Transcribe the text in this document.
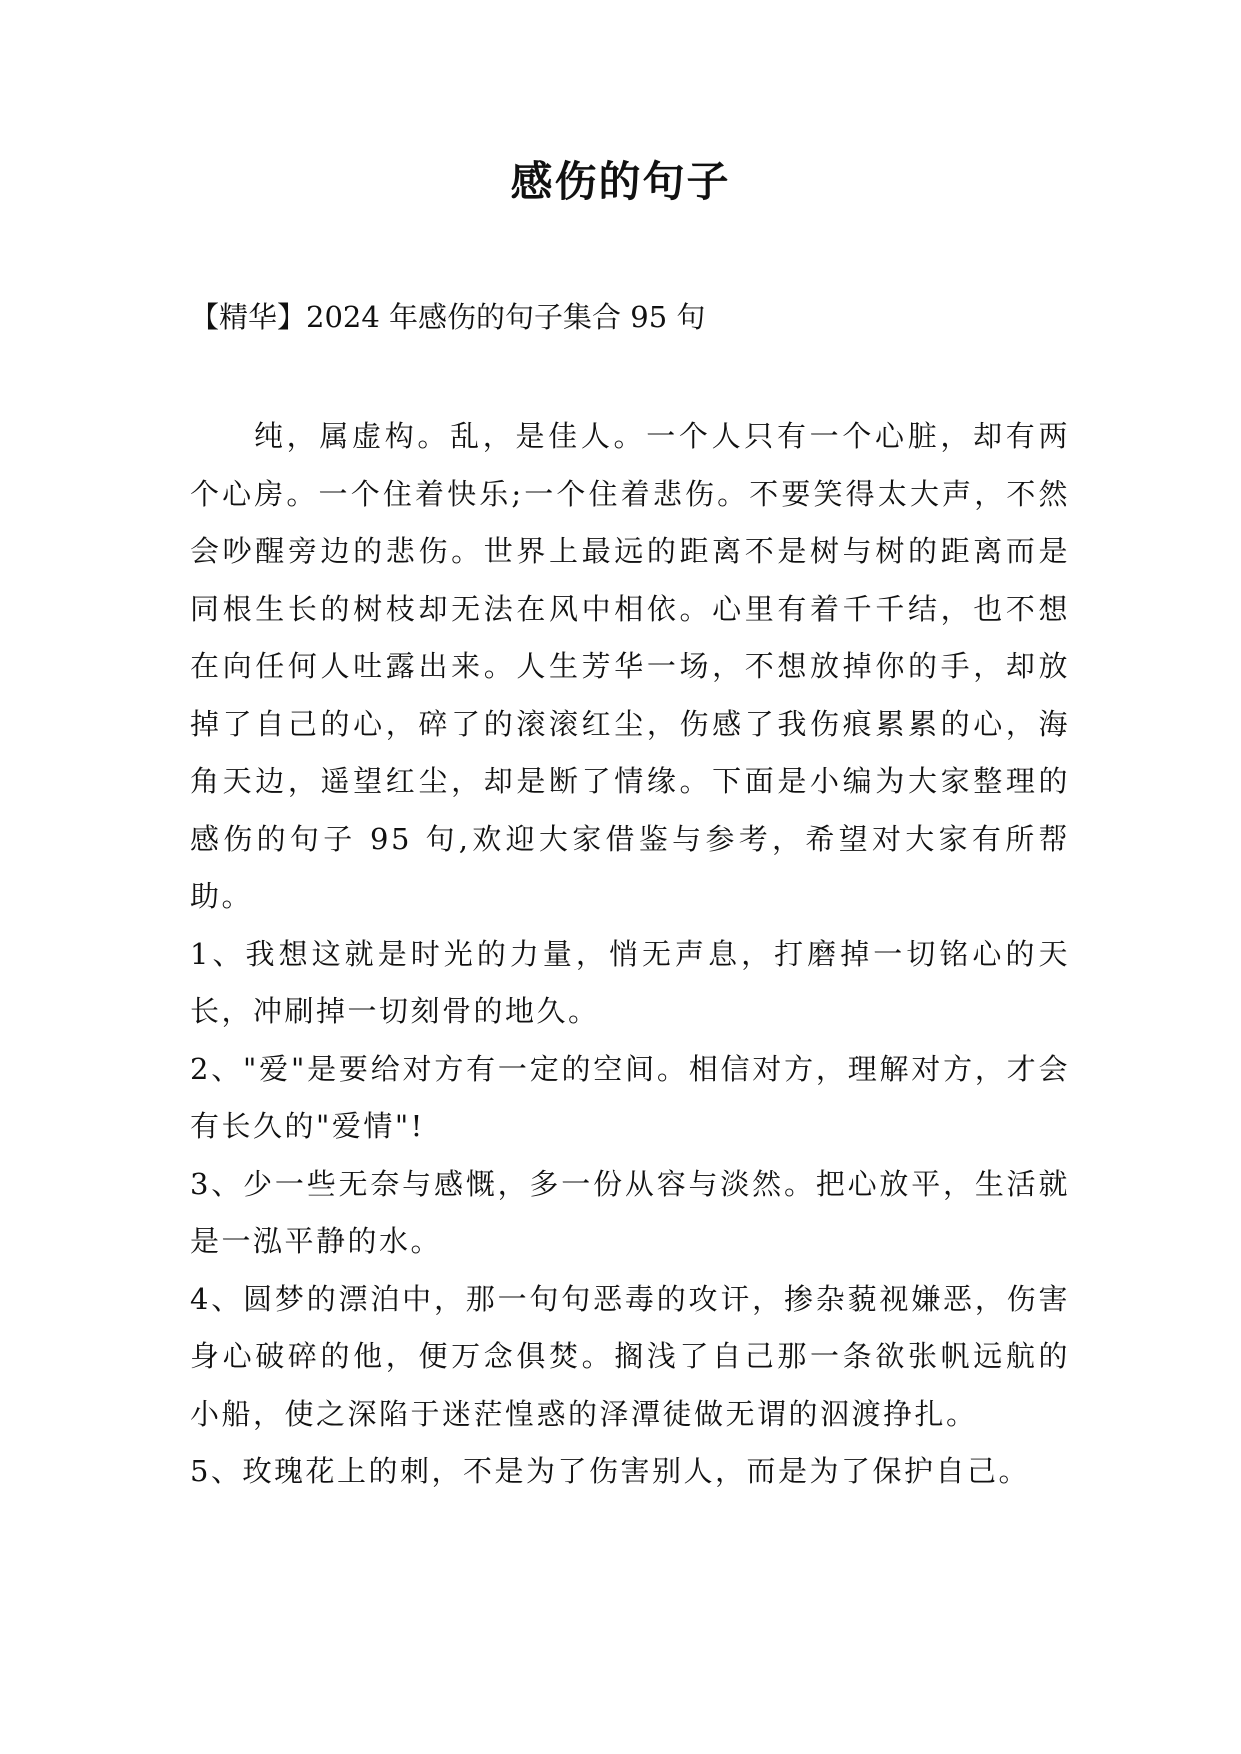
感伤的句子

【精华】2024 年感伤的句子集合 95 句

纯，属虚构。乱，是佳人。一个人只有一个心脏，却有两个心房。一个住着快乐;一个住着悲伤。不要笑得太大声，不然会吵醒旁边的悲伤。世界上最远的距离不是树与树的距离而是同根生长的树枝却无法在风中相依。心里有着千千结，也不想在向任何人吐露出来。人生芳华一场，不想放掉你的手，却放掉了自己的心，碎了的滚滚红尘，伤感了我伤痕累累的心，海角天边，遥望红尘，却是断了情缘。下面是小编为大家整理的感伤的句子 95 句,欢迎大家借鉴与参考，希望对大家有所帮助。

1、我想这就是时光的力量，悄无声息，打磨掉一切铭心的天长，冲刷掉一切刻骨的地久。

2、"爱"是要给对方有一定的空间。相信对方，理解对方，才会有长久的"爱情"!

3、少一些无奈与感慨，多一份从容与淡然。把心放平，生活就是一泓平静的水。

4、圆梦的漂泊中，那一句句恶毒的攻讦，掺杂藐视嫌恶，伤害身心破碎的他，便万念俱焚。搁浅了自己那一条欲张帆远航的小船，使之深陷于迷茫惶惑的泽潭徒做无谓的泅渡挣扎。

5、玫瑰花上的刺，不是为了伤害别人，而是为了保护自己。
